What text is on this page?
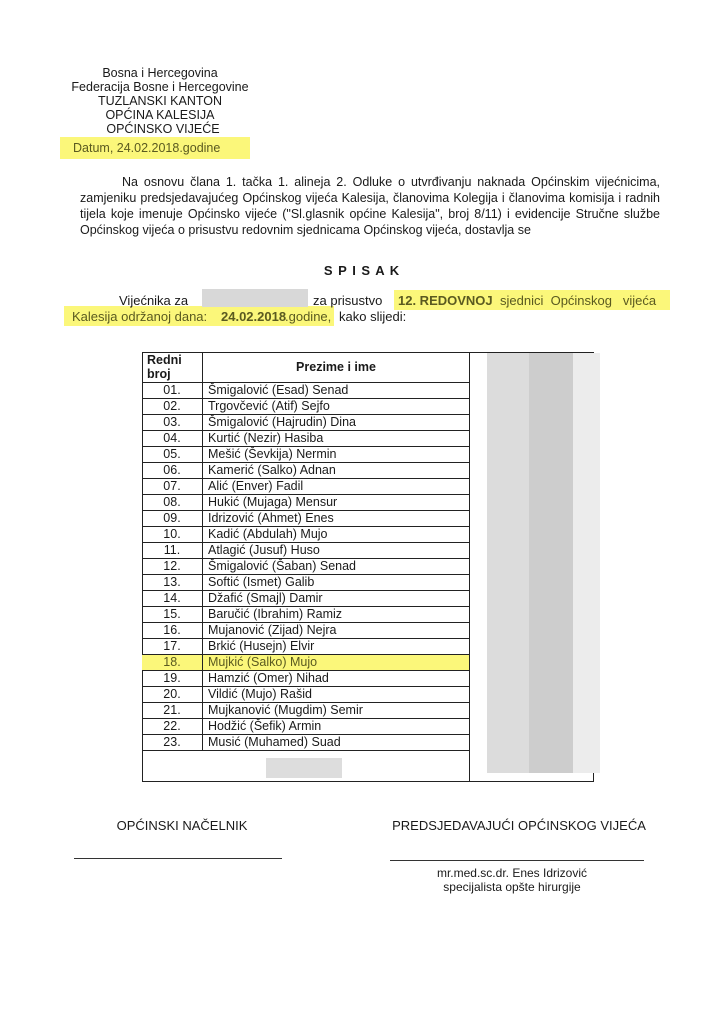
Bosna i Hercegovina
Federacija Bosne i Hercegovine
TUZLANSKI KANTON
OPĆINA KALESIJA
OPĆINSKO VIJEĆE
Datum, 24.02.2018.godine
Na osnovu člana 1. tačka 1. alineja 2. Odluke o utvrđivanju naknada Općinskim vijećnicima, zamjeniku predsjedavajućeg Općinskog vijeća Kalesija, članovima Kolegija i članovima komisija i radnih tijela koje imenuje Općinsko vijeće ("Sl.glasnik općine Kalesija", broj 8/11) i evidencije Stručne službe Općinskog vijeća o prisustvu redovnim sjednicama Općinskog vijeća, dostavlja se
S P I S A K
Vijećnika za	za prisustvo 12. REDOVNOJ sjednici  Općinskog   vijeća
Kalesija održanoj dana: 24.02.2018
.godine, kako slijedi:
Redni broj	Prezime i ime
01.	Šmigalović (Esad) Senad
02.	Trgovčević (Atif) Sejfo
03.	Šmigalović (Hajrudin) Dina
04.	Kurtić (Nezir) Hasiba
05.	Mešić (Ševkija) Nermin
06.	Kamerić (Salko) Adnan
07.	Alić (Enver) Fadil
08.	Hukić (Mujaga) Mensur
09.	Idrizović (Ahmet) Enes
10.	Kadić (Abdulah) Mujo
11.	Atlagić (Jusuf) Huso
12.	Šmigalović (Šaban) Senad
13.	Softić (Ismet) Galib
14.	Džafić (Smajl) Damir
15.	Baručić (Ibrahim) Ramiz
16.	Mujanović (Zijad) Nejra
17.	Brkić (Husejn) Elvir
18.	Mujkić (Salko) Mujo
19.	Hamzić (Omer) Nihad
20.	Vildić (Mujo) Rašid
21.	Mujkanović (Mugdim) Semir
22.	Hodžić (Šefik) Armin
23.	Musić (Muhamed) Suad
OPĆINSKI NAČELNIK	PREDSJEDAVAJUĆI OPĆINSKOG VIJEĆA
mr.med.sc.dr. Enes Idrizović
specijalista opšte hirurgije
